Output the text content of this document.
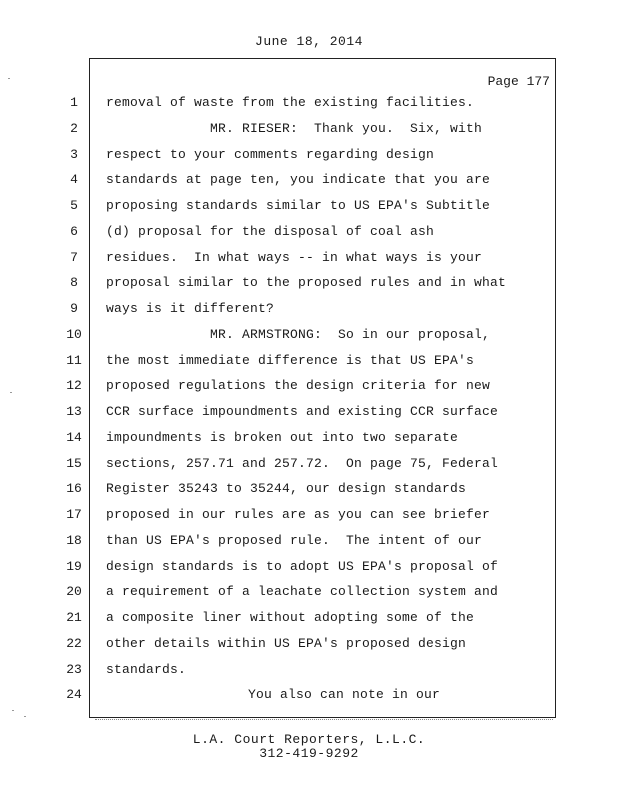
June 18, 2014
Page 177
1	removal of waste from the existing facilities.
2	MR. RIESER:  Thank you.  Six, with
3	respect to your comments regarding design
4	standards at page ten, you indicate that you are
5	proposing standards similar to US EPA's Subtitle
6	(d) proposal for the disposal of coal ash
7	residues.  In what ways -- in what ways is your
8	proposal similar to the proposed rules and in what
9	ways is it different?
10	MR. ARMSTRONG:  So in our proposal,
11	the most immediate difference is that US EPA's
12	proposed regulations the design criteria for new
13	CCR surface impoundments and existing CCR surface
14	impoundments is broken out into two separate
15	sections, 257.71 and 257.72.  On page 75, Federal
16	Register 35243 to 35244, our design standards
17	proposed in our rules are as you can see briefer
18	than US EPA's proposed rule.  The intent of our
19	design standards is to adopt US EPA's proposal of
20	a requirement of a leachate collection system and
21	a composite liner without adopting some of the
22	other details within US EPA's proposed design
23	standards.
24	You also can note in our
L.A. Court Reporters, L.L.C.
312-419-9292
